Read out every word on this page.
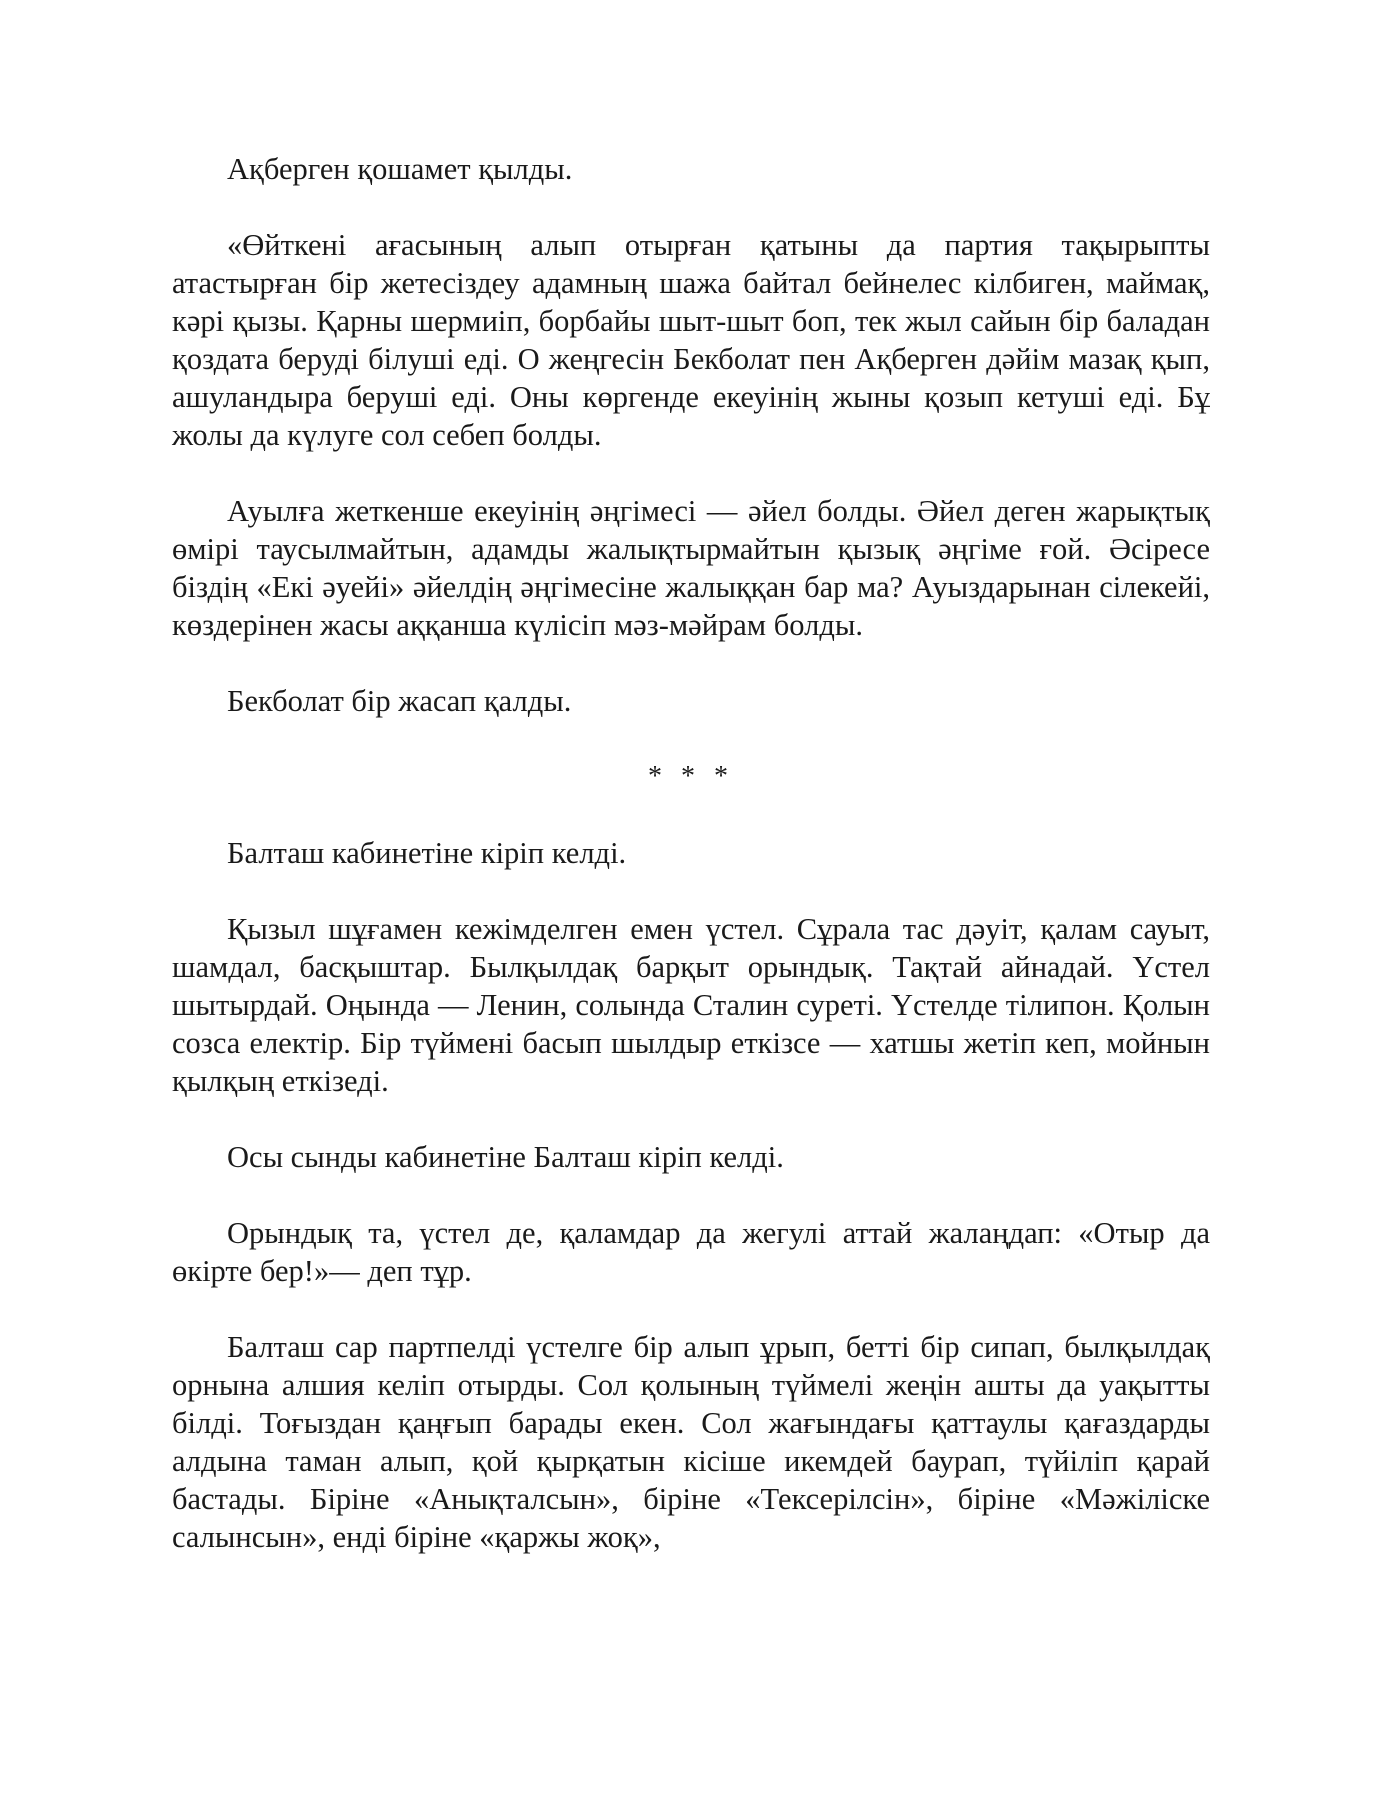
Ақберген қошамет қылды.

«Өйткені ағасының алып отырған қатыны да партия тақырыпты атастырған бір жетесіздеу адамның шажа байтал бейнелес кілбиген, маймақ, кәрі қызы. Қарны шермиіп, борбайы шыт-шыт боп, тек жыл сайын бір баладан қоздата беруді білуші еді. О жеңгесін Бекболат пен Ақберген дәйім мазақ қып, ашуландыра беруші еді. Оны көргенде екеуінің жыны қозып кетуші еді. Бұ жолы да күлуге сол себеп болды.

Ауылға жеткенше екеуінің әңгімесі — әйел болды. Әйел деген жарықтық өмірі таусылмайтын, адамды жалықтырмайтын қызық әңгіме ғой. Әсіресе біздің «Екі әуейі» әйелдің әңгімесіне жалыққан бар ма? Ауыздарынан сілекейі, көздерінен жасы аққанша күлісіп мәз-мәйрам болды.

Бекболат бір жасап қалды.

* * *

Балташ кабинетіне кіріп келді.

Қызыл шұғамен кежімделген емен үстел. Сұрала тас дәуіт, қалам сауыт, шамдал, басқыштар. Былқылдақ барқыт орындық. Тақтай айнадай. Үстел шытырдай. Оңында — Ленин, солында Сталин суреті. Үстелде тілипон. Қолын созса електір. Бір түймені басып шылдыр еткізсе — хатшы жетіп кеп, мойнын қылқың еткізеді.

Осы сынды кабинетіне Балташ кіріп келді.

Орындық та, үстел де, қаламдар да жегулі аттай жалаңдап: «Отыр да өкірте бер!»— деп тұр.

Балташ сар партпелді үстелге бір алып ұрып, бетті бір сипап, былқылдақ орнына алшия келіп отырды. Сол қолының түймелі жеңін ашты да уақытты білді. Тоғыздан қаңғып барады екен. Сол жағындағы қаттаулы қағаздарды алдына таман алып, қой қырқатын кісіше икемдей баурап, түйіліп қарай бастады. Біріне «Анықталсын», біріне «Тексерілсін», біріне «Мәжіліске салынсын», енді біріне «қаржы жоқ»,
